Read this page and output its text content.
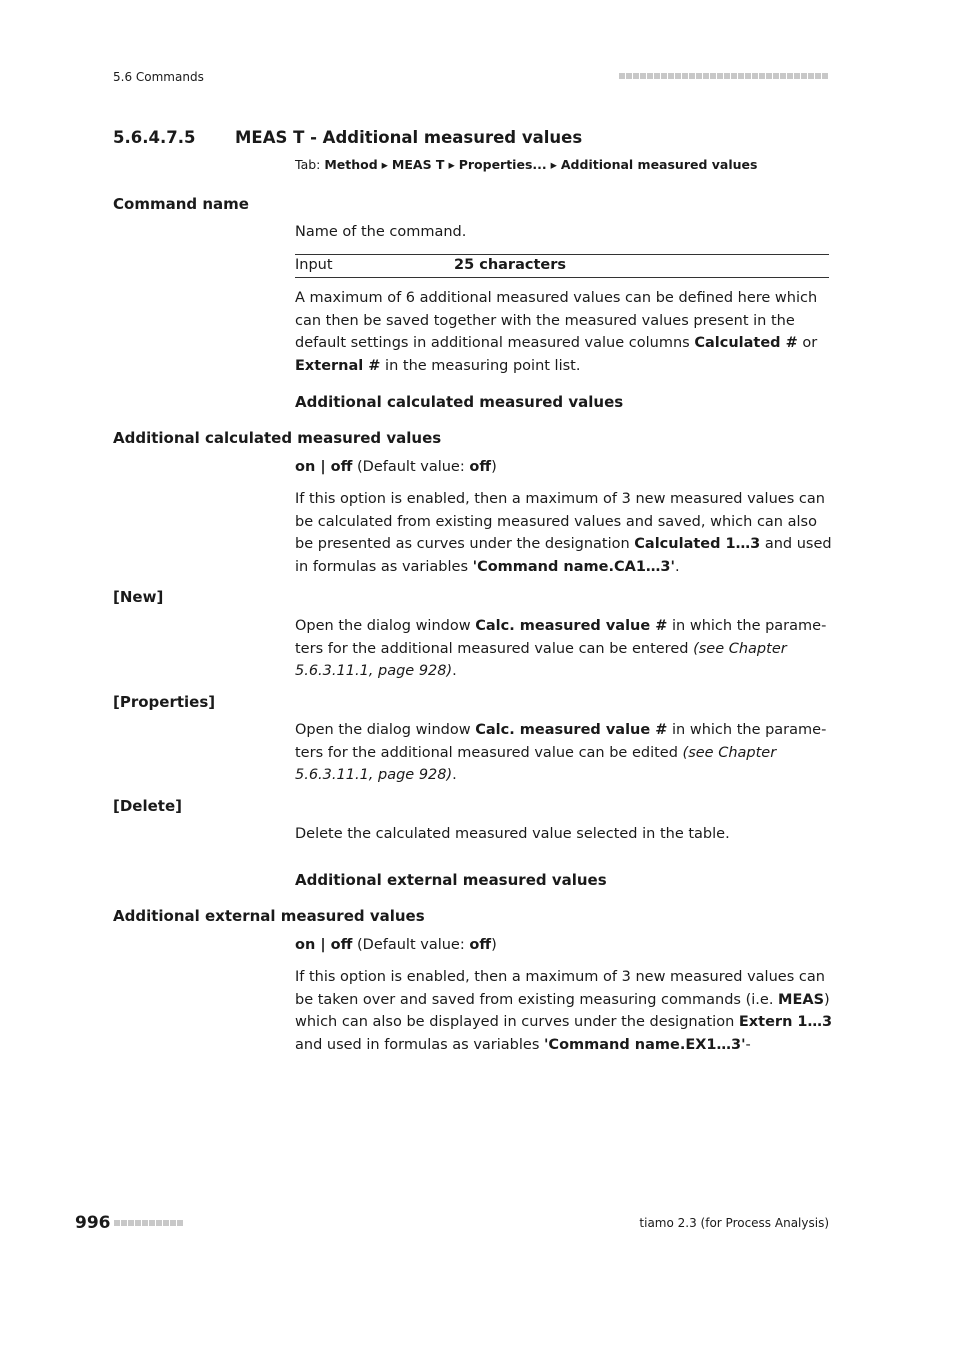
5.6 Commands
5.6.4.7.5 MEAS T - Additional measured values
Tab: Method ▸ MEAS T ▸ Properties... ▸ Additional measured values
Command name
Name of the command.
Input	25 characters
A maximum of 6 additional measured values can be defined here which can then be saved together with the measured values present in the default settings in additional measured value columns Calculated # or External # in the measuring point list.
Additional calculated measured values
Additional calculated measured values
on | off (Default value: off)
If this option is enabled, then a maximum of 3 new measured values can be calculated from existing measured values and saved, which can also be presented as curves under the designation Calculated 1…3 and used in formulas as variables 'Command name.CA1…3'.
[New]
Open the dialog window Calc. measured value # in which the parame-ters for the additional measured value can be entered (see Chapter 5.6.3.11.1, page 928).
[Properties]
Open the dialog window Calc. measured value # in which the parame-ters for the additional measured value can be edited (see Chapter 5.6.3.11.1, page 928).
[Delete]
Delete the calculated measured value selected in the table.
Additional external measured values
Additional external measured values
on | off (Default value: off)
If this option is enabled, then a maximum of 3 new measured values can be taken over and saved from existing measuring commands (i.e. MEAS) which can also be displayed in curves under the designation Extern 1…3 and used in formulas as variables 'Command name.EX1…3'-
996	tiamo 2.3 (for Process Analysis)
